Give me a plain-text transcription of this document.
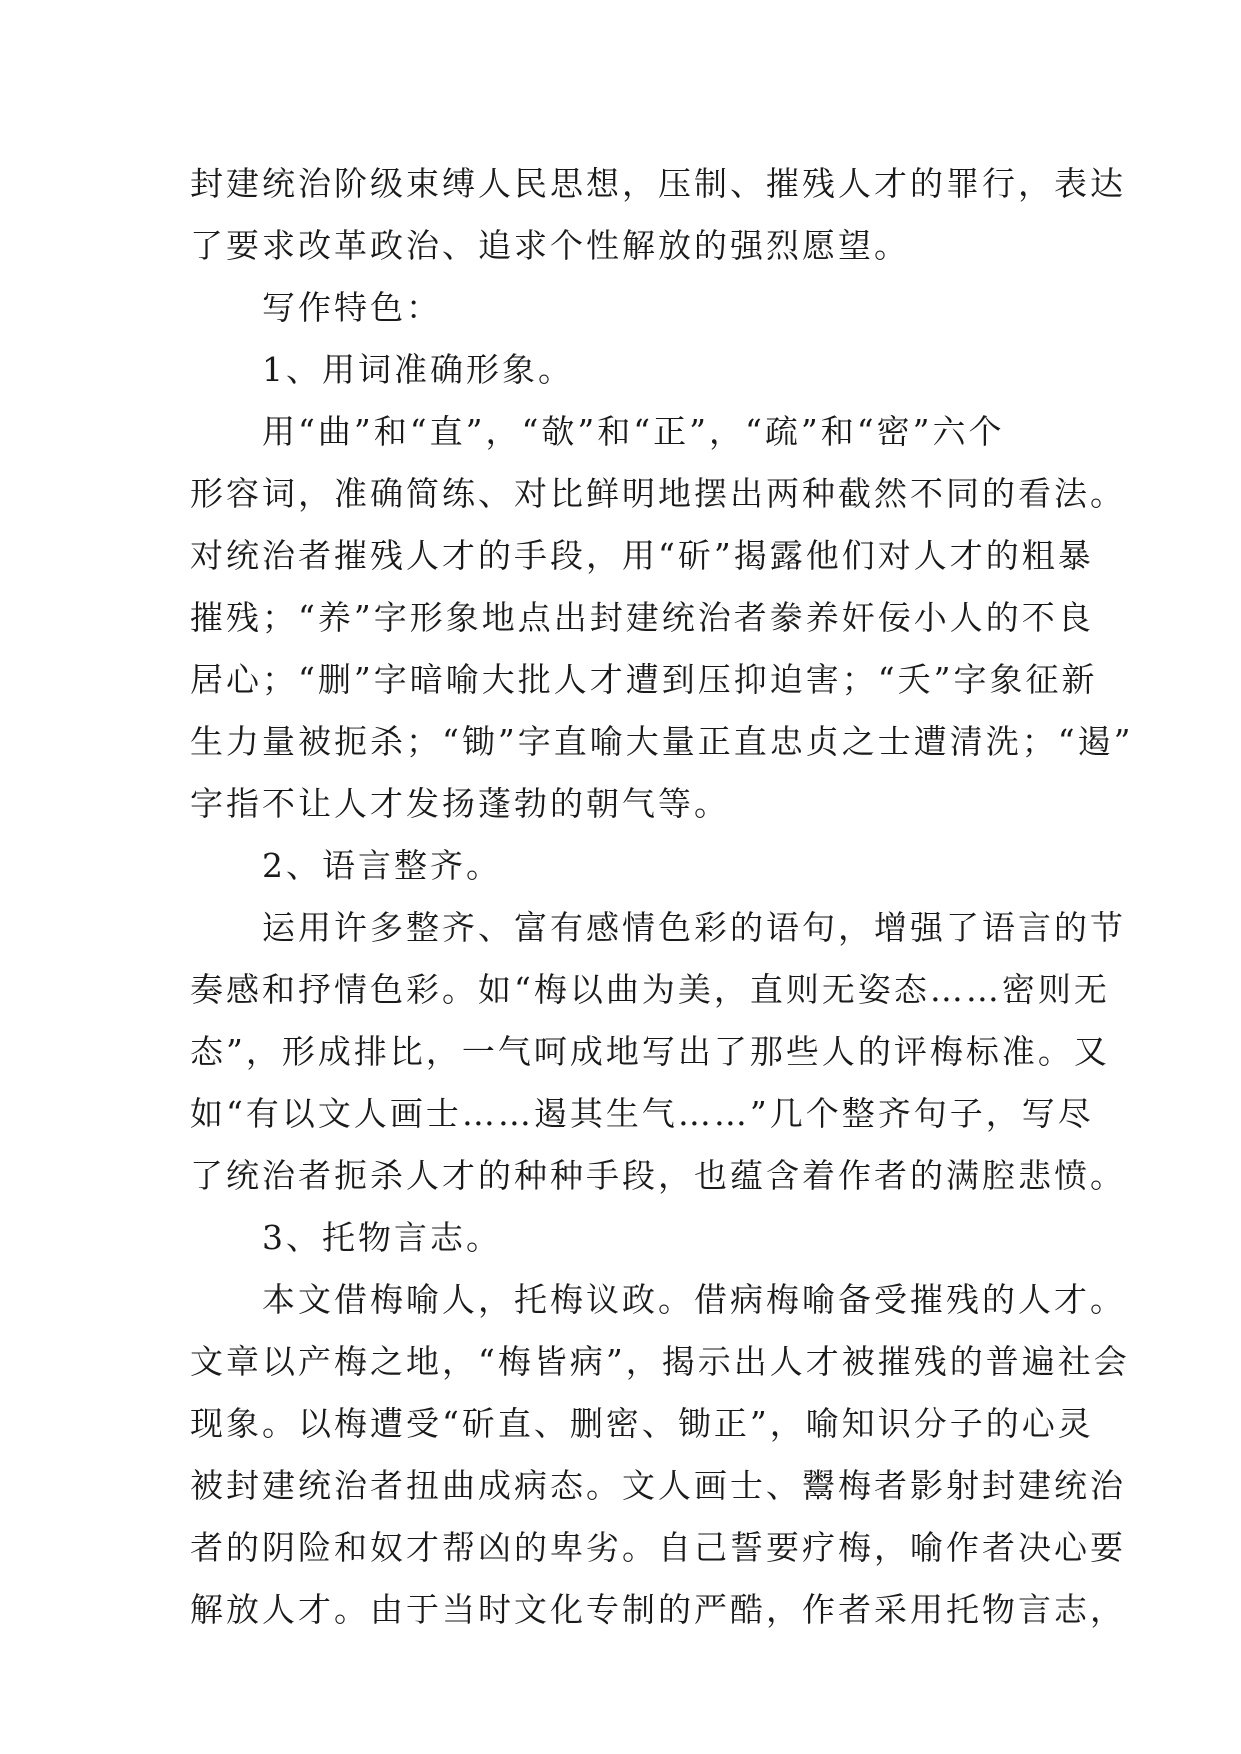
封建统治阶级束缚人民思想，压制、摧残人才的罪行，表达
了要求改革政治、追求个性解放的强烈愿望。
　　写作特色：
　　1、用词准确形象。
　　用“曲”和“直”，“欹”和“正”，“疏”和“密”六个
形容词，准确简练、对比鲜明地摆出两种截然不同的看法。
对统治者摧残人才的手段，用“斫”揭露他们对人才的粗暴
摧残；“养”字形象地点出封建统治者豢养奸佞小人的不良
居心；“删”字暗喻大批人才遭到压抑迫害；“夭”字象征新
生力量被扼杀；“锄”字直喻大量正直忠贞之士遭清洗；“遏”
字指不让人才发扬蓬勃的朝气等。
　　2、语言整齐。
　　运用许多整齐、富有感情色彩的语句，增强了语言的节
奏感和抒情色彩。如“梅以曲为美，直则无姿态……密则无
态”，形成排比，一气呵成地写出了那些人的评梅标准。又
如“有以文人画士……遏其生气……”几个整齐句子，写尽
了统治者扼杀人才的种种手段，也蕴含着作者的满腔悲愤。
　　3、托物言志。
　　本文借梅喻人，托梅议政。借病梅喻备受摧残的人才。
文章以产梅之地，“梅皆病”，揭示出人才被摧残的普遍社会
现象。以梅遭受“斫直、删密、锄正”，喻知识分子的心灵
被封建统治者扭曲成病态。文人画士、鬻梅者影射封建统治
者的阴险和奴才帮凶的卑劣。自己誓要疗梅，喻作者决心要
解放人才。由于当时文化专制的严酷，作者采用托物言志，
